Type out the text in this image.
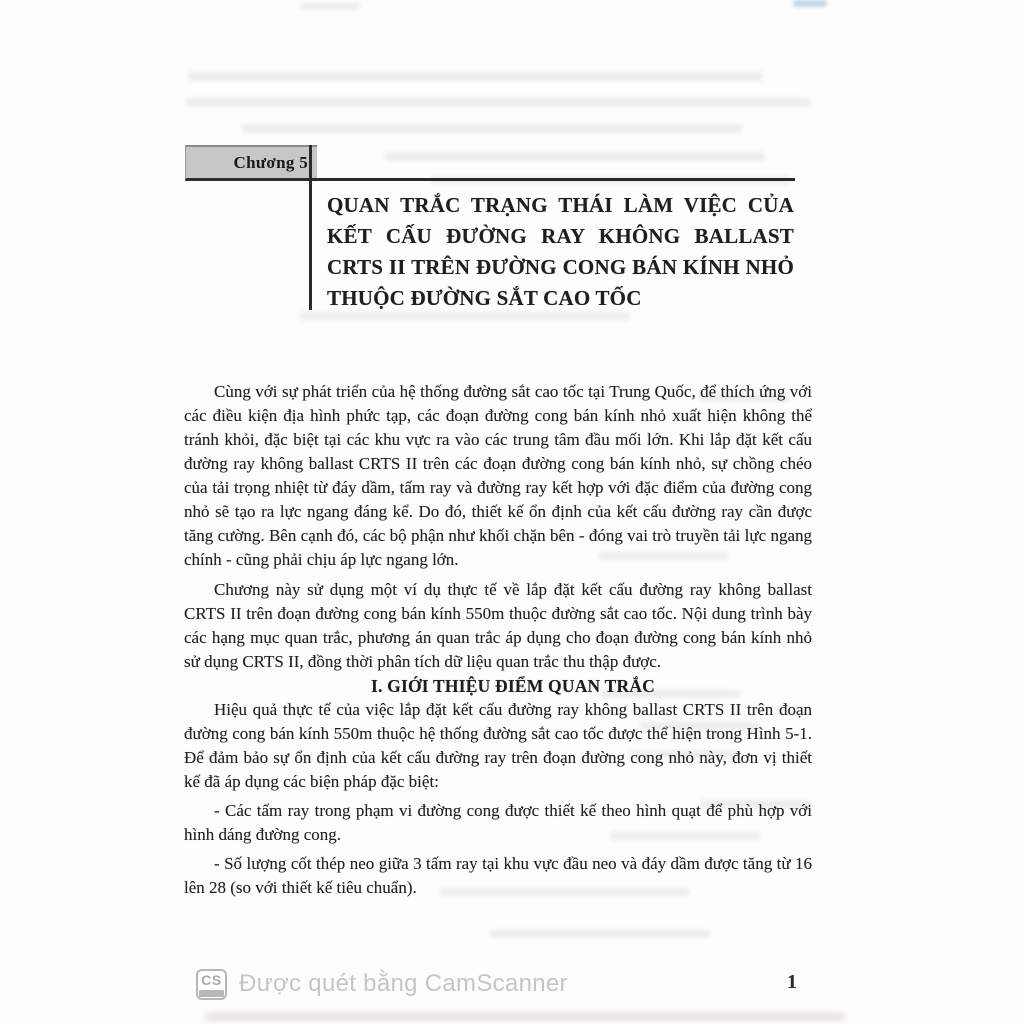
Chương 5
QUAN TRẮC TRẠNG THÁI LÀM VIỆC CỦA
KẾT CẤU ĐƯỜNG RAY KHÔNG BALLAST
CRTS II TRÊN ĐƯỜNG CONG BÁN KÍNH NHỎ
THUỘC ĐƯỜNG SẮT CAO TỐC

Cùng với sự phát triển của hệ thống đường sắt cao tốc tại Trung Quốc, để thích ứng với các điều kiện địa hình phức tạp, các đoạn đường cong bán kính nhỏ xuất hiện không thể tránh khỏi, đặc biệt tại các khu vực ra vào các trung tâm đầu mối lớn. Khi lắp đặt kết cấu đường ray không ballast CRTS II trên các đoạn đường cong bán kính nhỏ, sự chồng chéo của tải trọng nhiệt từ đáy dầm, tấm ray và đường ray kết hợp với đặc điểm của đường cong nhỏ sẽ tạo ra lực ngang đáng kể. Do đó, thiết kế ổn định của kết cấu đường ray cần được tăng cường. Bên cạnh đó, các bộ phận như khối chặn bên - đóng vai trò truyền tải lực ngang chính - cũng phải chịu áp lực ngang lớn.

Chương này sử dụng một ví dụ thực tế về lắp đặt kết cấu đường ray không ballast CRTS II trên đoạn đường cong bán kính 550m thuộc đường sắt cao tốc. Nội dung trình bày các hạng mục quan trắc, phương án quan trắc áp dụng cho đoạn đường cong bán kính nhỏ sử dụng CRTS II, đồng thời phân tích dữ liệu quan trắc thu thập được.

I. GIỚI THIỆU ĐIỂM QUAN TRẮC

Hiệu quả thực tế của việc lắp đặt kết cấu đường ray không ballast CRTS II trên đoạn đường cong bán kính 550m thuộc hệ thống đường sắt cao tốc được thể hiện trong Hình 5-1. Để đảm bảo sự ổn định của kết cấu đường ray trên đoạn đường cong nhỏ này, đơn vị thiết kế đã áp dụng các biện pháp đặc biệt:

- Các tấm ray trong phạm vi đường cong được thiết kế theo hình quạt để phù hợp với hình dáng đường cong.

- Số lượng cốt thép neo giữa 3 tấm ray tại khu vực đầu neo và đáy dầm được tăng từ 16 lên 28 (so với thiết kế tiêu chuẩn).

CS Được quét bằng CamScanner	1
